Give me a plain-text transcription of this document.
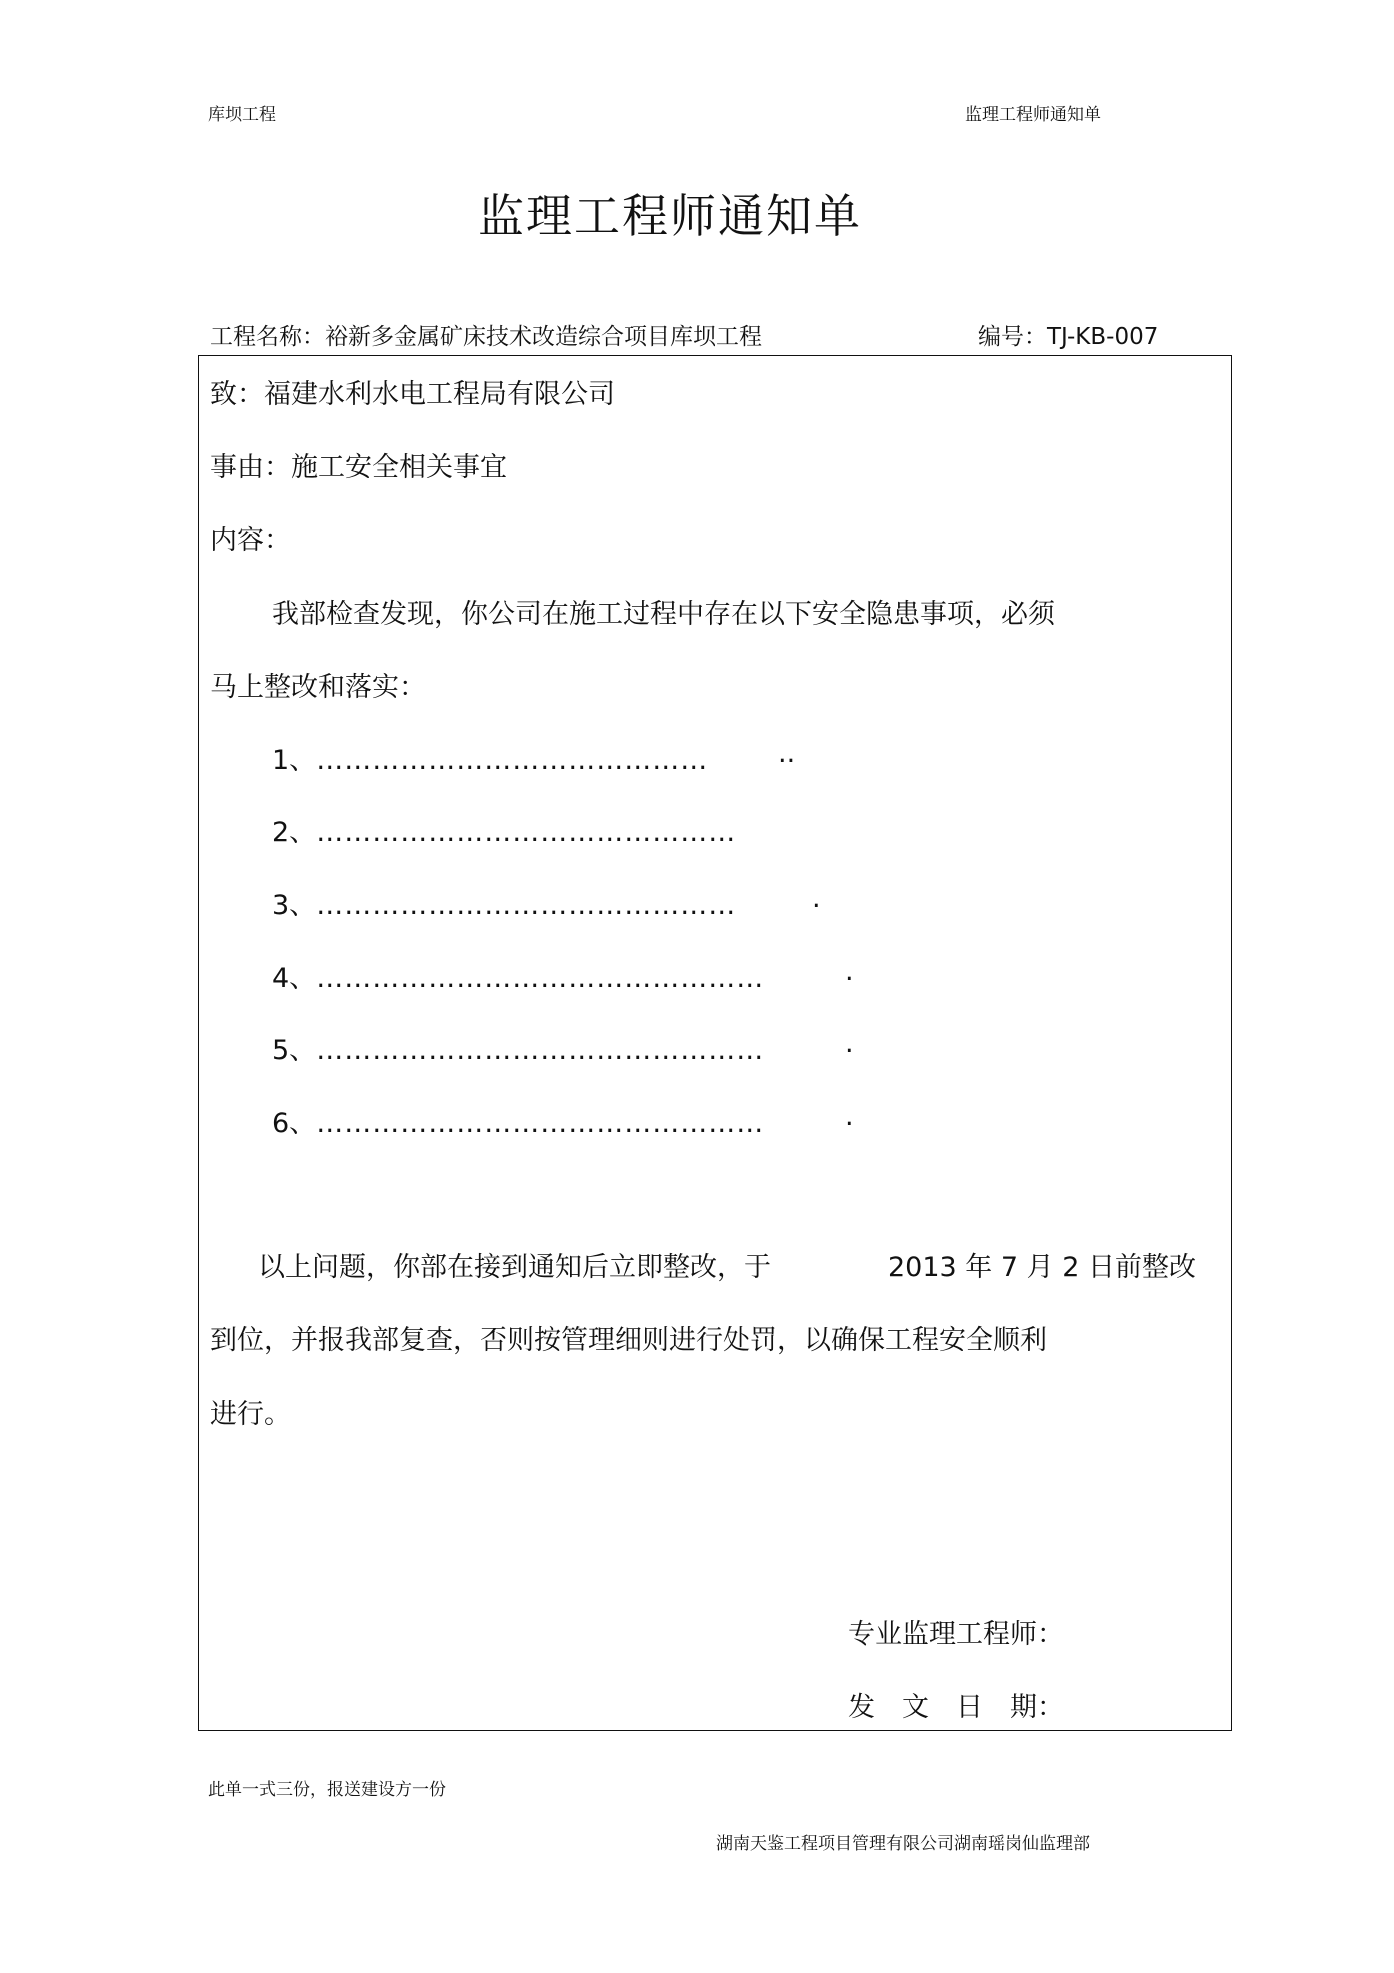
库坝工程	监理工程师通知单
监理工程师通知单
工程名称：裕新多金属矿床技术改造综合项目库坝工程	编号：TJ-KB-007
致：福建水利水电工程局有限公司
事由：施工安全相关事宜
内容：
我部检查发现，你公司在施工过程中存在以下安全隐患事项，必须
马上整改和落实：
1、……………………………………	..
2、………………………………………
3、………………………………………	.
4、…………………………………………	.
5、…………………………………………	.
6、…………………………………………	.
以上问题，你部在接到通知后立即整改，于	2013 年 7 月 2 日前整改
到位，并报我部复查，否则按管理细则进行处罚，以确保工程安全顺利
进行。
专业监理工程师：
发　文　日　期：
此单一式三份，报送建设方一份
湖南天鉴工程项目管理有限公司湖南瑶岗仙监理部
